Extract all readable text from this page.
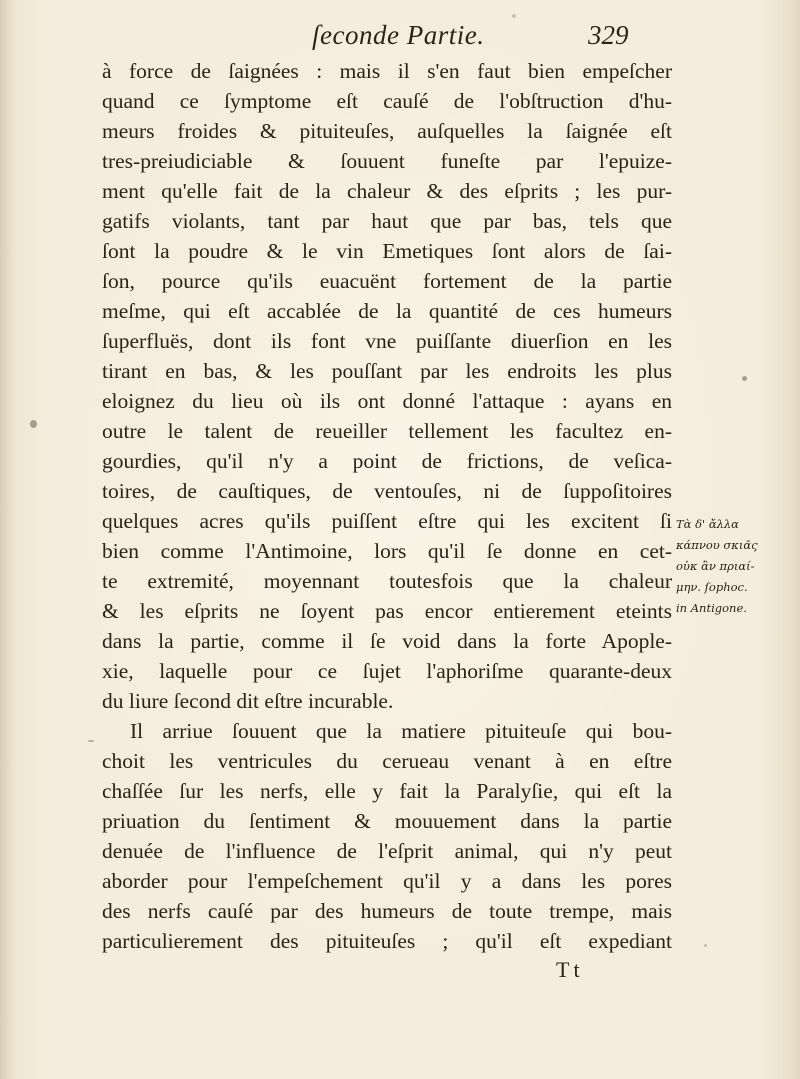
ſeconde Partie.	329
à force de ſaignées : mais il s'en faut bien empeſcher
quand ce ſymptome eſt cauſé de l'obſtruction d'hu-
meurs froides & pituiteuſes, auſquelles la ſaignée eſt
tres-preiudiciable & ſouuent funeſte par l'epuize-
ment qu'elle fait de la chaleur & des eſprits ; les pur-
gatifs violants, tant par haut que par bas, tels que
ſont la poudre & le vin Emetiques ſont alors de ſai-
ſon, pource qu'ils euacuënt fortement de la partie
meſme, qui eſt accablée de la quantité de ces humeurs
ſuperfluës, dont ils font vne puiſſante diuerſion en les
tirant en bas, & les pouſſant par les endroits les plus
eloignez du lieu où ils ont donné l'attaque : ayans en
outre le talent de reueiller tellement les facultez en-
gourdies, qu'il n'y a point de frictions, de veſica-
toires, de cauſtiques, de ventouſes, ni de ſuppoſitoires
quelques acres qu'ils puiſſent eſtre qui les excitent ſi
bien comme l'Antimoine, lors qu'il ſe donne en cet-
te extremité, moyennant toutesfois que la chaleur
& les eſprits ne ſoyent pas encor entierement eteints
dans la partie, comme il ſe void dans la forte Apople-
xie, laquelle pour ce ſujet l'aphoriſme quarante-deux
du liure ſecond dit eſtre incurable.
Il arriue ſouuent que la matiere pituiteuſe qui bou-
choit les ventricules du cerueau venant à en eſtre
chaſſée ſur les nerfs, elle y fait la Paralyſie, qui eſt la
priuation du ſentiment & mouuement dans la partie
denuée de l'influence de l'eſprit animal, qui n'y peut
aborder pour l'empeſchement qu'il y a dans les pores
des nerfs cauſé par des humeurs de toute trempe, mais
particulierement des pituiteuſes ; qu'il eſt expediant
Tt
Τὰ δ' ἄλλα
κάπνου σκιᾶς
οὐκ ἂν πριαί-
μην. ſophoc.
in Antigone.
